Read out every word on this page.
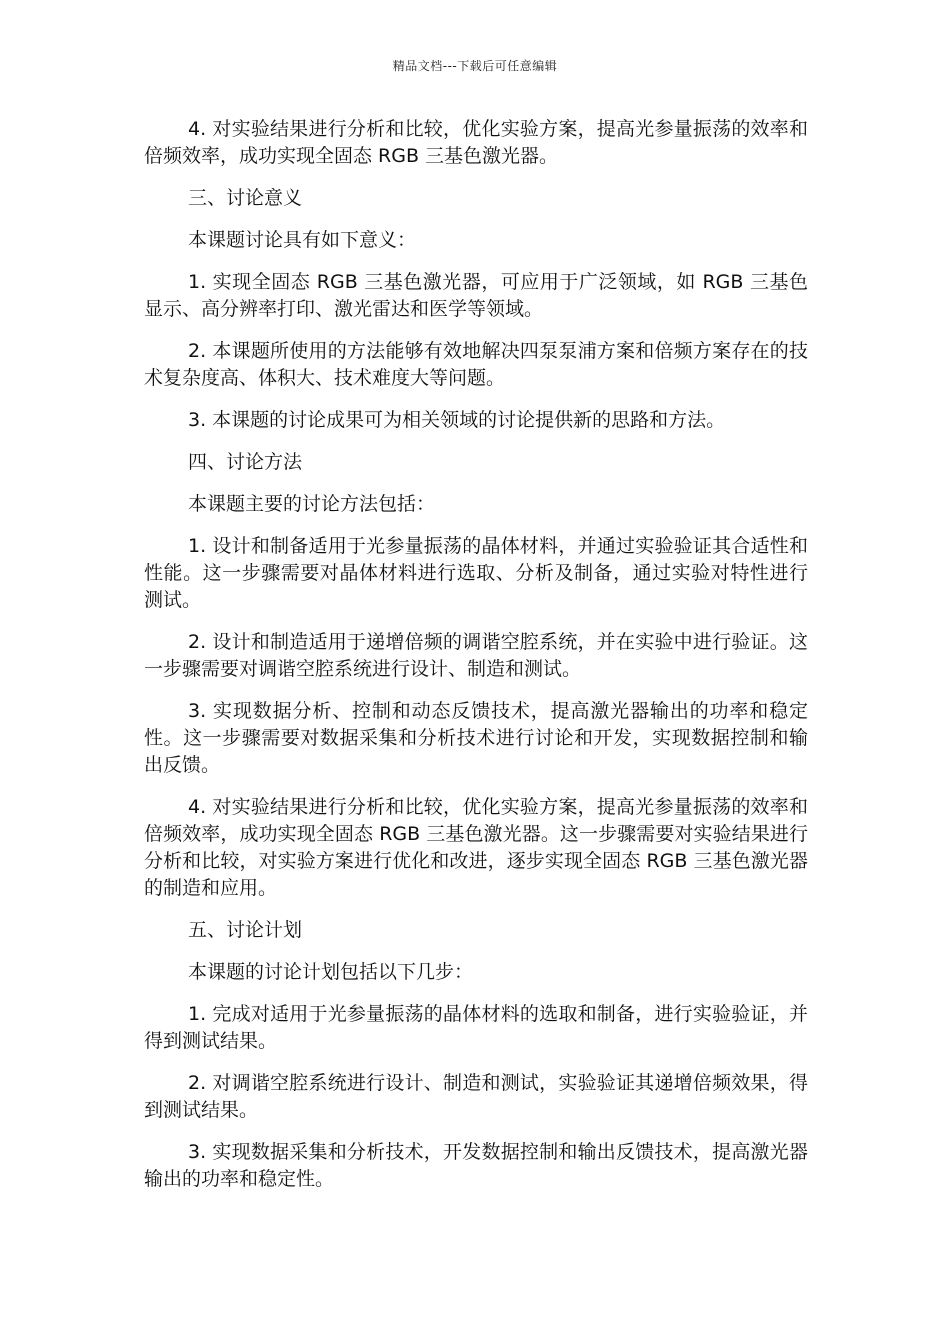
精品文档---下载后可任意编辑

4. 对实验结果进行分析和比较，优化实验方案，提高光参量振荡的效率和倍频效率，成功实现全固态 RGB 三基色激光器。

三、讨论意义

本课题讨论具有如下意义：

1. 实现全固态 RGB 三基色激光器，可应用于广泛领域，如 RGB 三基色显示、高分辨率打印、激光雷达和医学等领域。

2. 本课题所使用的方法能够有效地解决四泵泵浦方案和倍频方案存在的技术复杂度高、体积大、技术难度大等问题。

3. 本课题的讨论成果可为相关领域的讨论提供新的思路和方法。

四、讨论方法

本课题主要的讨论方法包括：

1. 设计和制备适用于光参量振荡的晶体材料，并通过实验验证其合适性和性能。这一步骤需要对晶体材料进行选取、分析及制备，通过实验对特性进行测试。

2. 设计和制造适用于递增倍频的调谐空腔系统，并在实验中进行验证。这一步骤需要对调谐空腔系统进行设计、制造和测试。

3. 实现数据分析、控制和动态反馈技术，提高激光器输出的功率和稳定性。这一步骤需要对数据采集和分析技术进行讨论和开发，实现数据控制和输出反馈。

4. 对实验结果进行分析和比较，优化实验方案，提高光参量振荡的效率和倍频效率，成功实现全固态 RGB 三基色激光器。这一步骤需要对实验结果进行分析和比较，对实验方案进行优化和改进，逐步实现全固态 RGB 三基色激光器的制造和应用。

五、讨论计划

本课题的讨论计划包括以下几步：

1. 完成对适用于光参量振荡的晶体材料的选取和制备，进行实验验证，并得到测试结果。

2. 对调谐空腔系统进行设计、制造和测试，实验验证其递增倍频效果，得到测试结果。

3. 实现数据采集和分析技术，开发数据控制和输出反馈技术，提高激光器输出的功率和稳定性。
